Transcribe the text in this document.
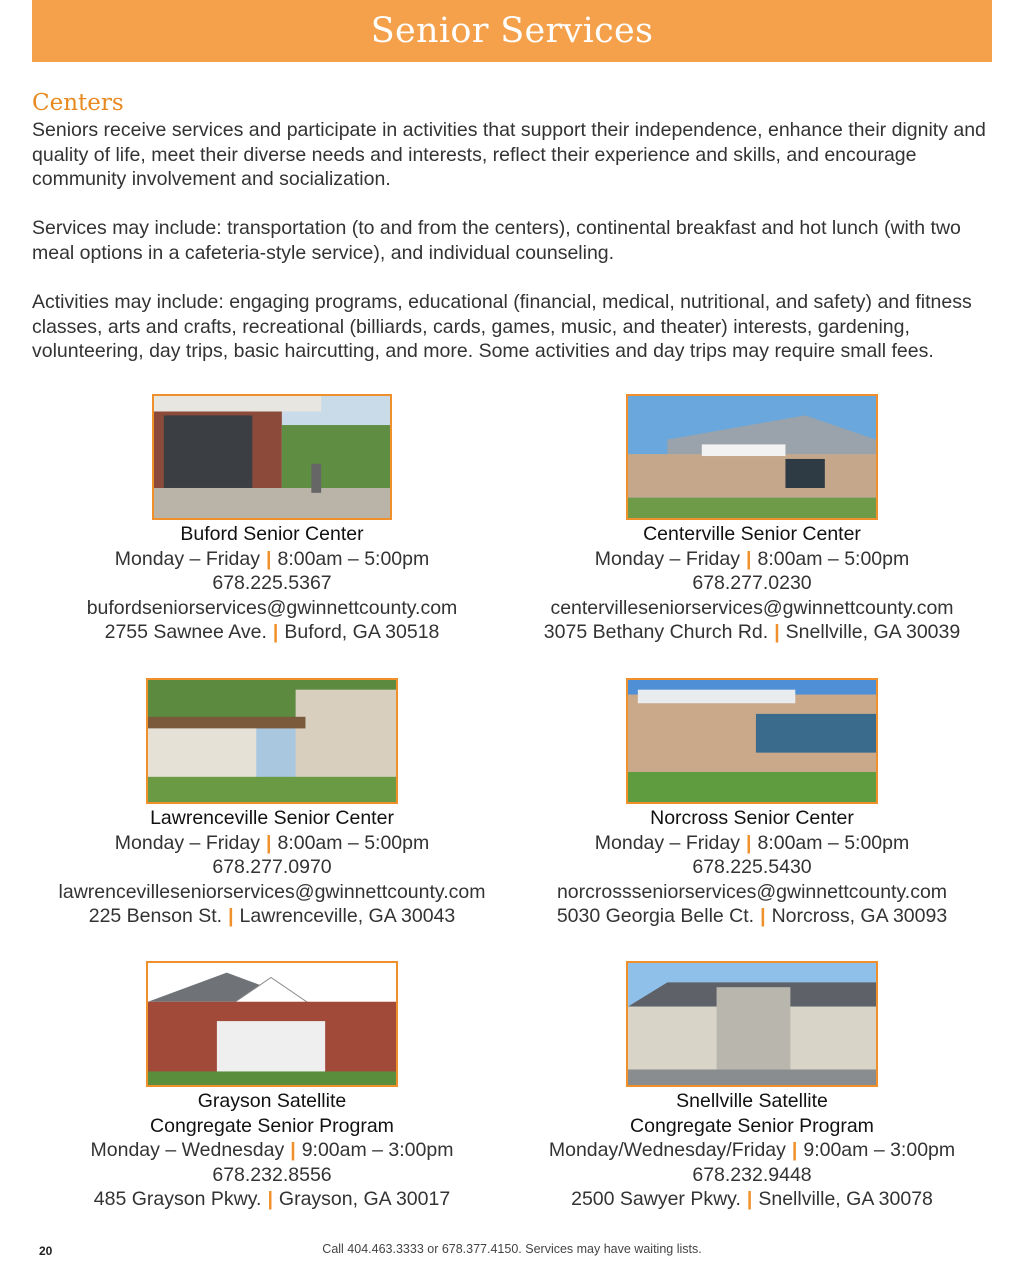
Senior Services
Centers

Seniors receive services and participate in activities that support their independence, enhance their dignity and quality of life, meet their diverse needs and interests, reflect their experience and skills, and encourage community involvement and socialization.

Services may include: transportation (to and from the centers), continental breakfast and hot lunch (with two meal options in a cafeteria-style service), and individual counseling.

Activities may include: engaging programs, educational (financial, medical, nutritional, and safety) and fitness classes, arts and crafts, recreational (billiards, cards, games, music, and theater) interests, gardening, volunteering, day trips, basic haircutting, and more. Some activities and day trips may require small fees.

Buford Senior Center
Monday – Friday | 8:00am – 5:00pm
678.225.5367
bufordseniorservices@gwinnettcounty.com
2755 Sawnee Ave. | Buford, GA 30518
Centerville Senior Center
Monday – Friday | 8:00am – 5:00pm
678.277.0230
centervilleseniorservices@gwinnettcounty.com
3075 Bethany Church Rd. | Snellville, GA 30039
Lawrenceville Senior Center
Monday – Friday | 8:00am – 5:00pm
678.277.0970
lawrencevilleseniorservices@gwinnettcounty.com
225 Benson St. | Lawrenceville, GA 30043
Norcross Senior Center
Monday – Friday | 8:00am – 5:00pm
678.225.5430
norcrossseniorservices@gwinnettcounty.com
5030 Georgia Belle Ct. | Norcross, GA 30093
Grayson Satellite
Congregate Senior Program
Monday – Wednesday | 9:00am – 3:00pm
678.232.8556
485 Grayson Pkwy. | Grayson, GA 30017
Snellville Satellite
Congregate Senior Program
Monday/Wednesday/Friday | 9:00am – 3:00pm
678.232.9448
2500 Sawyer Pkwy. | Snellville, GA 30078
20	Call 404.463.3333 or 678.377.4150. Services may have waiting lists.
